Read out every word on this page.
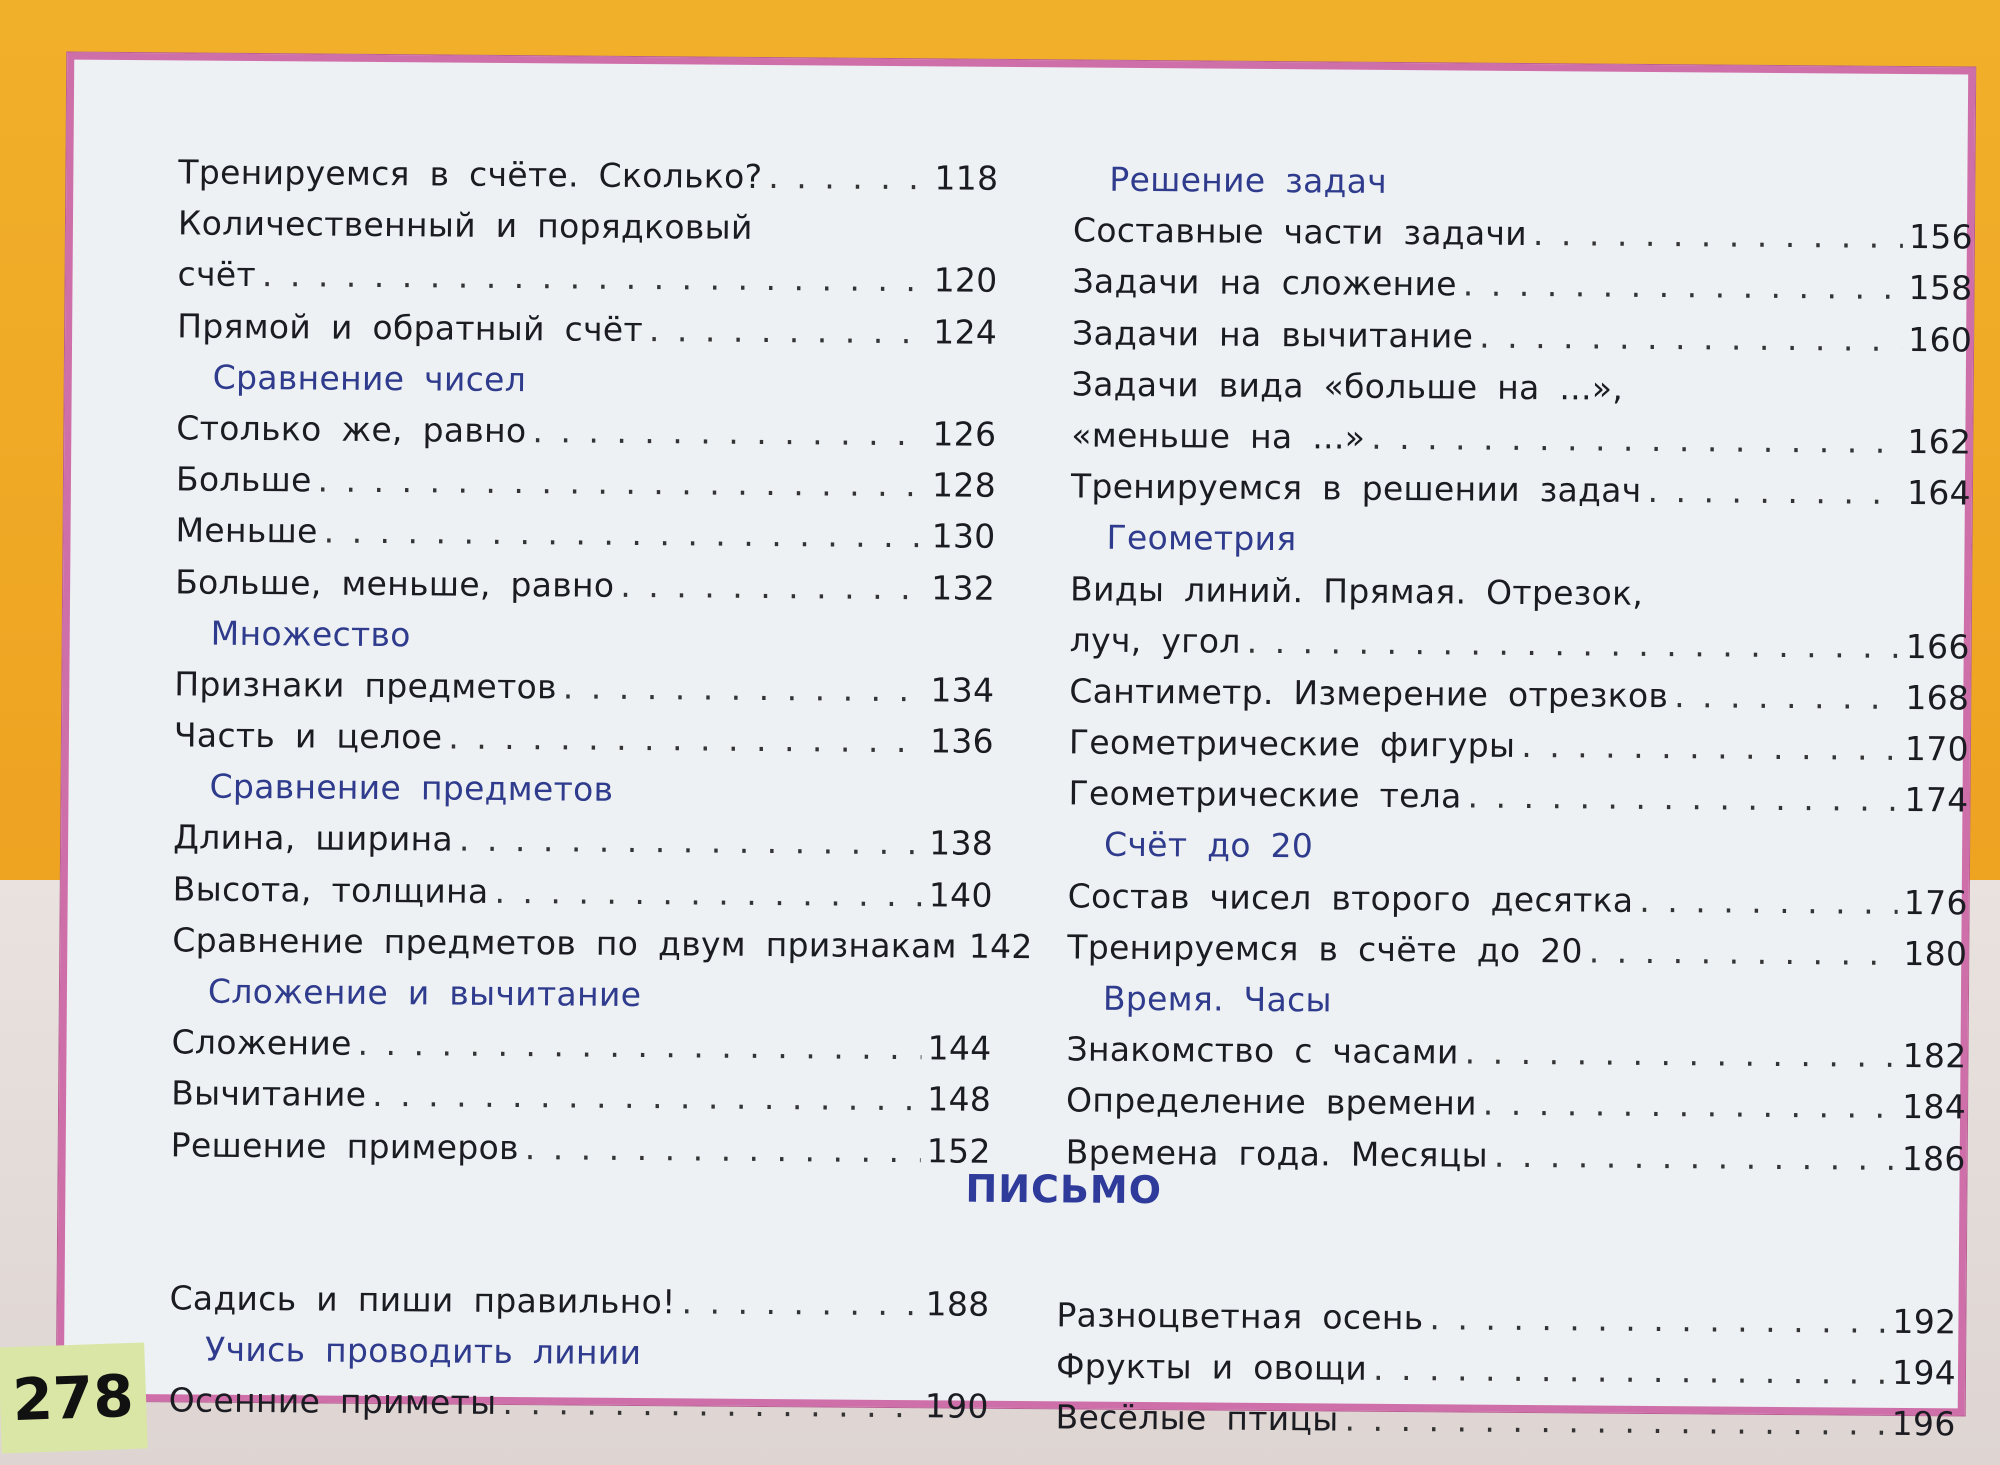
Тренируемся в счёте. Сколько? . . .	118
Количественный и порядковый
счёт . . .	120
Прямой и обратный счёт . . .	124
Сравнение чисел
Столько же, равно . . .	126
Больше . . .	128
Меньше . . .	130
Больше, меньше, равно . . .	132
Множество
Признаки предметов . . .	134
Часть и целое . . .	136
Сравнение предметов
Длина, ширина . . .	138
Высота, толщина . . .	140
Сравнение предметов по двум признакам . . . 142
Сложение и вычитание
Сложение . . .	144
Вычитание . . .	148
Решение примеров . . .	152
Решение задач
Составные части задачи . . .	156
Задачи на сложение . . .	158
Задачи на вычитание . . .	160
Задачи вида «больше на ...»,
«меньше на ...» . . .	162
Тренируемся в решении задач . . .	164
Геометрия
Виды линий. Прямая. Отрезок,
луч, угол . . .	166
Сантиметр. Измерение отрезков . . .	168
Геометрические фигуры . . .	170
Геометрические тела . . .	174
Счёт до 20
Состав чисел второго десятка . . .	176
Тренируемся в счёте до 20 . . .	180
Время. Часы
Знакомство с часами . . .	182
Определение времени . . .	184
Времена года. Месяцы . . .	186
ПИСЬМО
Садись и пиши правильно! . . .	188
Учись проводить линии
Осенние приметы . . .	190
Разноцветная осень . . .	192
Фрукты и овощи . . .	194
Весёлые птицы . . .	196
278
